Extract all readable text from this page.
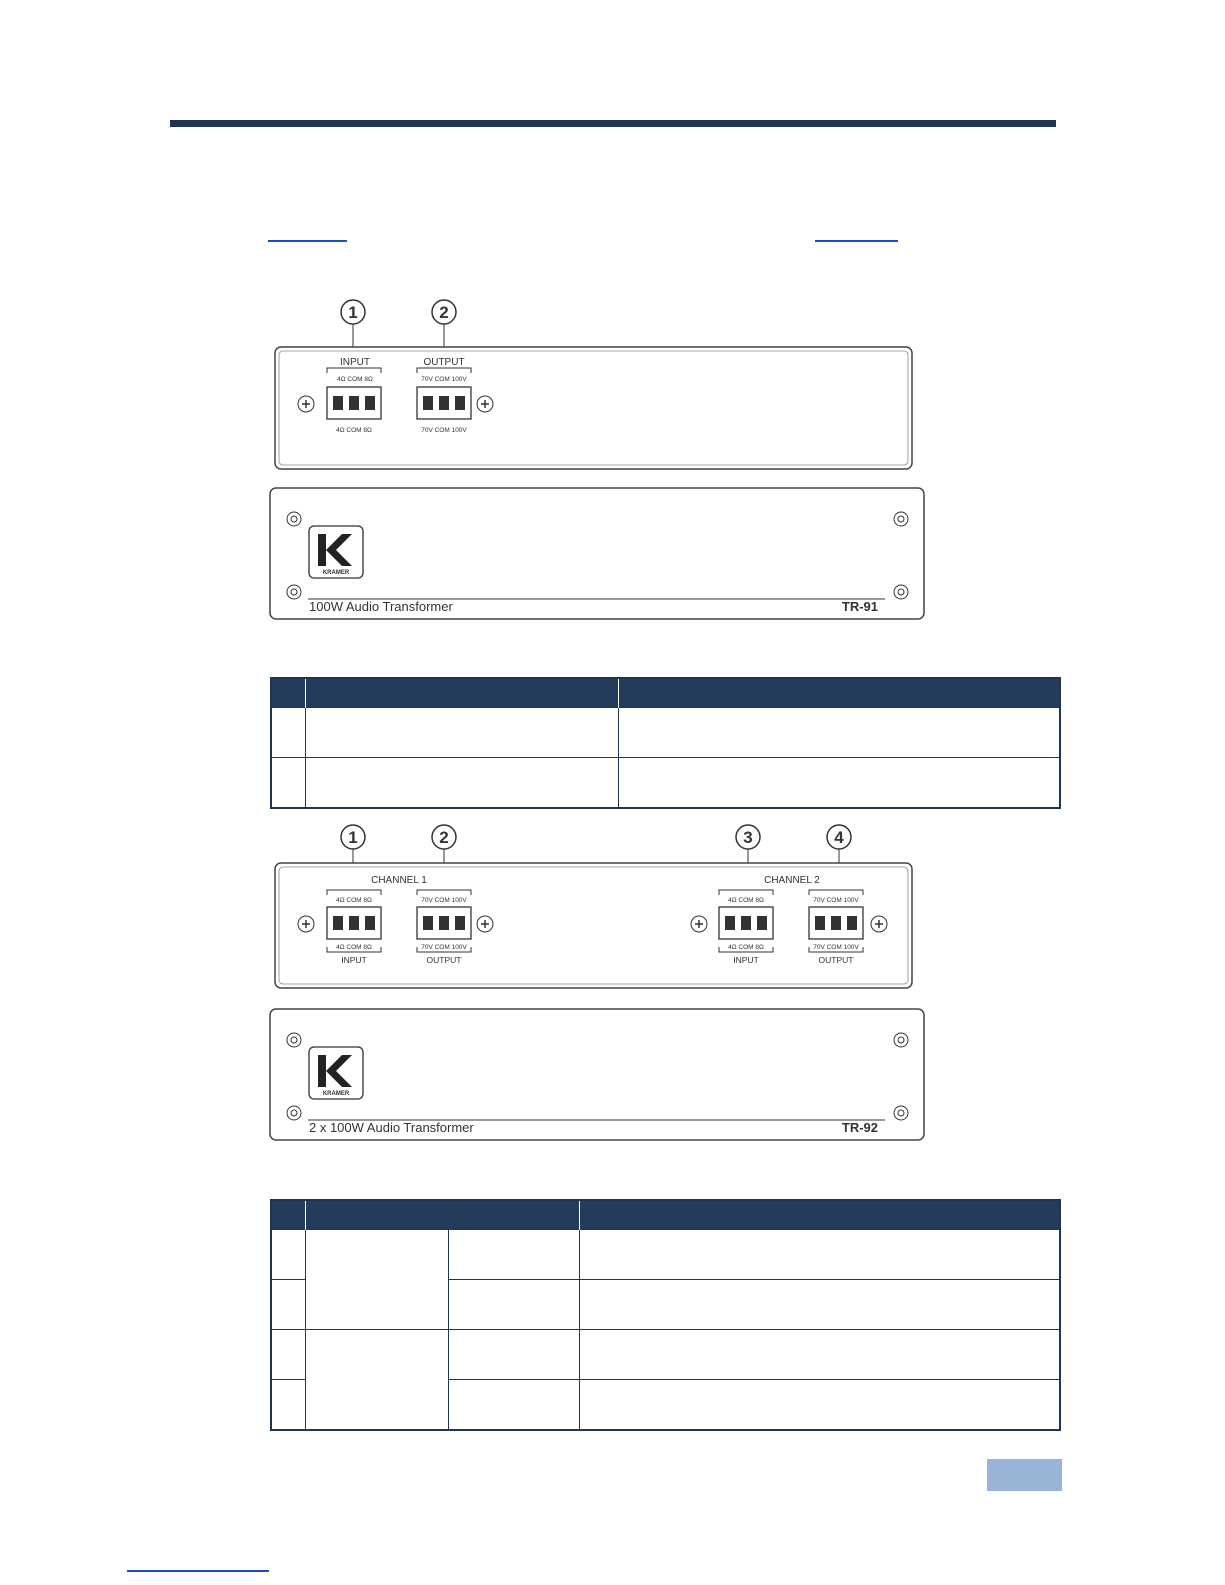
1	2
INPUT	OUTPUT
4Ω COM 8Ω	70V COM 100V
4Ω COM 8Ω	70V COM 100V
KRAMER
100W Audio Transformer	TR-91

1	2	3	4
CHANNEL 1	CHANNEL 2
4Ω COM 8Ω	70V COM 100V	4Ω COM 8Ω	70V COM 100V
4Ω COM 8Ω	70V COM 100V	4Ω COM 8Ω	70V COM 100V
INPUT	OUTPUT	INPUT	OUTPUT
KRAMER
2 x 100W Audio Transformer	TR-92
